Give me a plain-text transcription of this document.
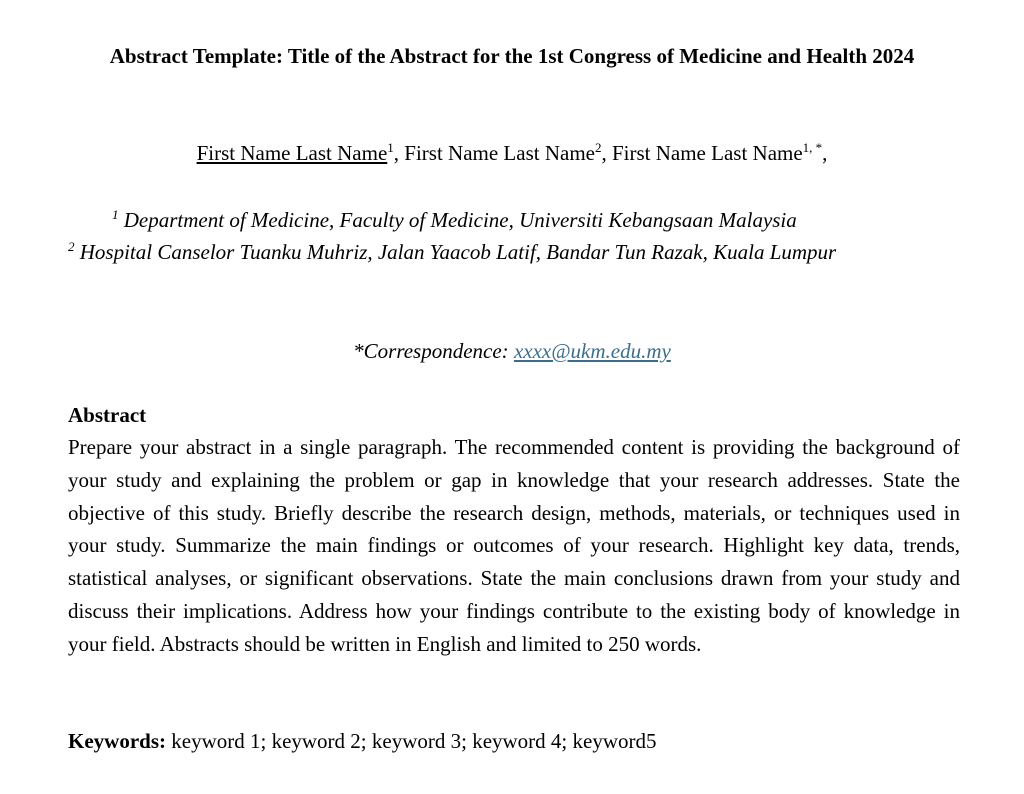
Abstract Template: Title of the Abstract for the 1st Congress of Medicine and Health 2024
First Name Last Name$^1$, First Name Last Name$^2$, First Name Last Name$^{1, *}$,
$^1$ Department of Medicine, Faculty of Medicine, Universiti Kebangsaan Malaysia
$^2$ Hospital Canselor Tuanku Muhriz, Jalan Yaacob Latif, Bandar Tun Razak, Kuala Lumpur
*Correspondence: xxxx@ukm.edu.my
Abstract
Prepare your abstract in a single paragraph. The recommended content is providing the background of your study and explaining the problem or gap in knowledge that your research addresses. State the objective of this study. Briefly describe the research design, methods, materials, or techniques used in your study. Summarize the main findings or outcomes of your research. Highlight key data, trends, statistical analyses, or significant observations. State the main conclusions drawn from your study and discuss their implications. Address how your findings contribute to the existing body of knowledge in your field. Abstracts should be written in English and limited to 250 words.
Keywords: keyword 1; keyword 2; keyword 3; keyword 4; keyword5
